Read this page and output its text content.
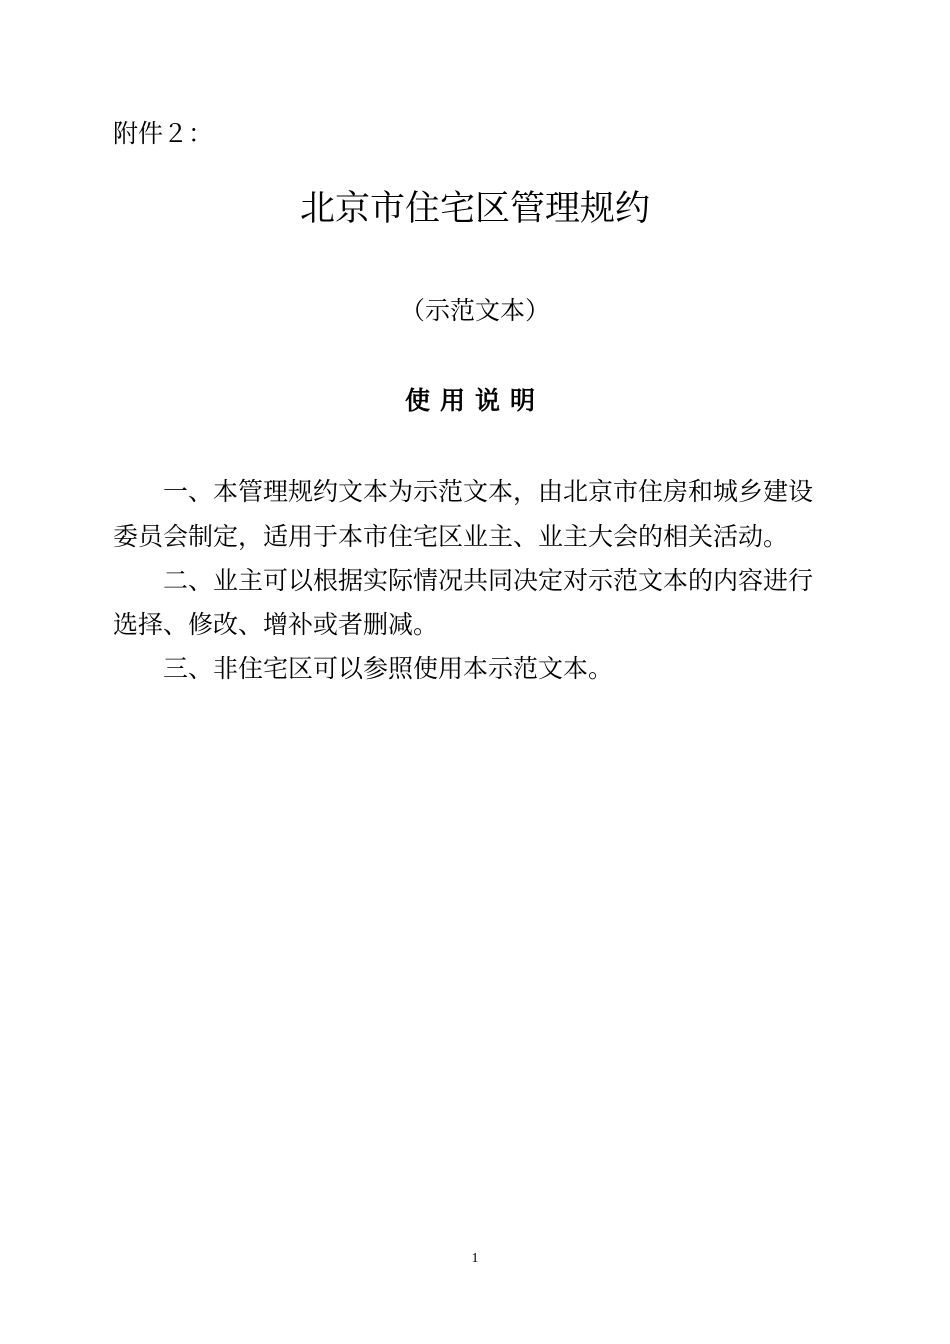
附件２：
北京市住宅区管理规约
（示范文本）
使用说明
一、本管理规约文本为示范文本，由北京市住房和城乡建设
委员会制定，适用于本市住宅区业主、业主大会的相关活动。
二、业主可以根据实际情况共同决定对示范文本的内容进行
选择、修改、增补或者删减。
三、非住宅区可以参照使用本示范文本。
1
